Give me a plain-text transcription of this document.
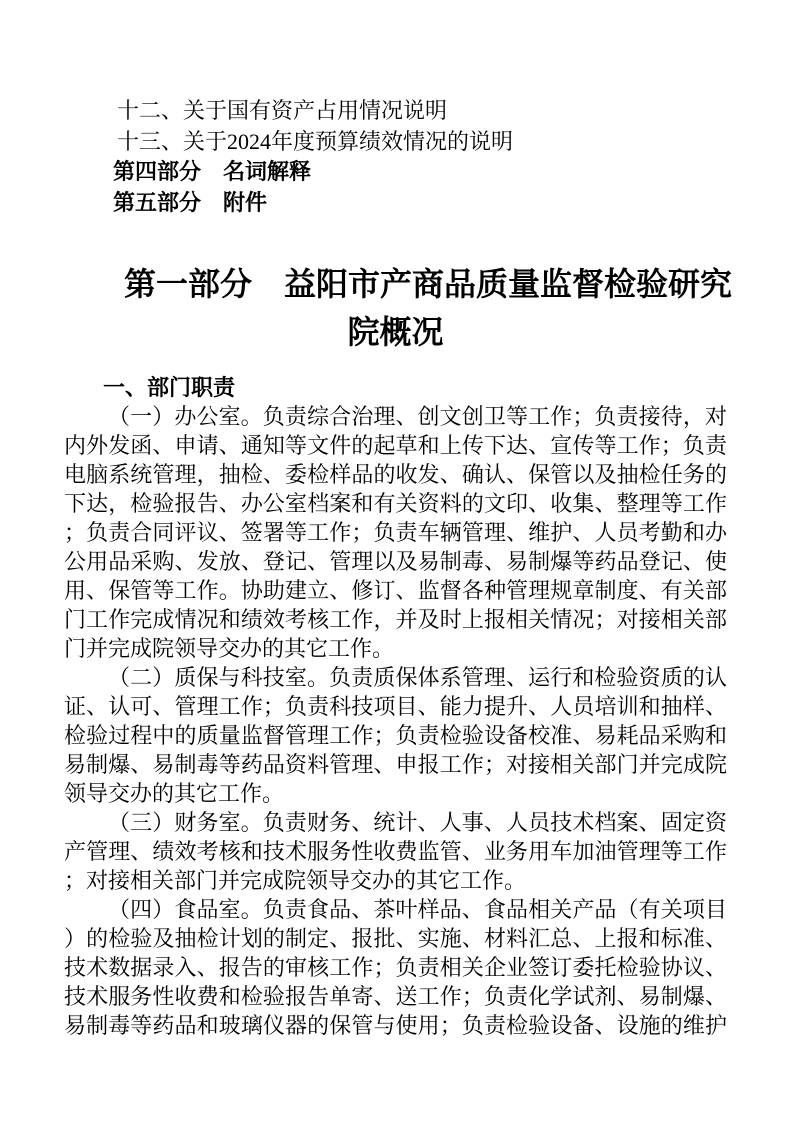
十二、关于国有资产占用情况说明
十三、关于2024年度预算绩效情况的说明
第四部分　名词解释
第五部分　附件
第一部分　益阳市产商品质量监督检验研究
院概况
一、部门职责
（一）办公室。负责综合治理、创文创卫等工作；负责接待，对
内外发函、申请、通知等文件的起草和上传下达、宣传等工作；负责
电脑系统管理，抽检、委检样品的收发、确认、保管以及抽检任务的
下达，检验报告、办公室档案和有关资料的文印、收集、整理等工作
；负责合同评议、签署等工作；负责车辆管理、维护、人员考勤和办
公用品采购、发放、登记、管理以及易制毒、易制爆等药品登记、使
用、保管等工作。协助建立、修订、监督各种管理规章制度、有关部
门工作完成情况和绩效考核工作，并及时上报相关情况；对接相关部
门并完成院领导交办的其它工作。
（二）质保与科技室。负责质保体系管理、运行和检验资质的认
证、认可、管理工作；负责科技项目、能力提升、人员培训和抽样、
检验过程中的质量监督管理工作；负责检验设备校准、易耗品采购和
易制爆、易制毒等药品资料管理、申报工作；对接相关部门并完成院
领导交办的其它工作。
（三）财务室。负责财务、统计、人事、人员技术档案、固定资
产管理、绩效考核和技术服务性收费监管、业务用车加油管理等工作
；对接相关部门并完成院领导交办的其它工作。
（四）食品室。负责食品、茶叶样品、食品相关产品（有关项目
）的检验及抽检计划的制定、报批、实施、材料汇总、上报和标准、
技术数据录入、报告的审核工作；负责相关企业签订委托检验协议、
技术服务性收费和检验报告单寄、送工作；负责化学试剂、易制爆、
易制毒等药品和玻璃仪器的保管与使用；负责检验设备、设施的维护
